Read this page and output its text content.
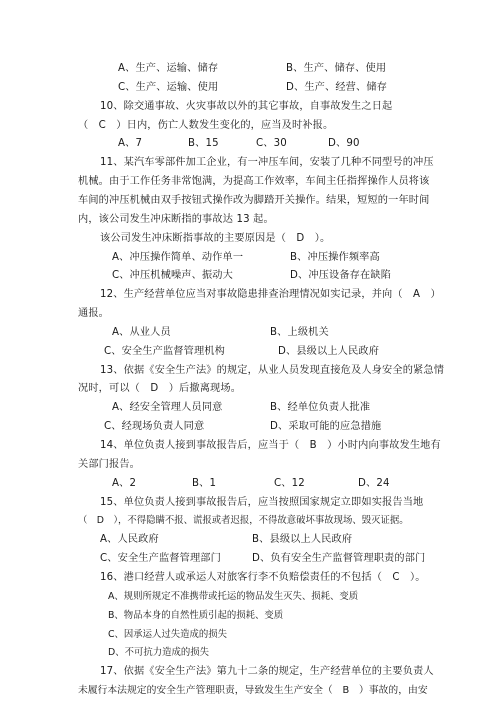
A、生产、运输、储存	B、生产、储存、使用
C、生产、运输、使用	D、生产、经营、储存
10、除交通事故、火灾事故以外的其它事故，自事故发生之日起
（　C　）日内，伤亡人数发生变化的，应当及时补报。
A、7	B、15	C、30	D、90
11、某汽车零部件加工企业，有一冲压车间，安装了几种不同型号的冲压
机械。由于工作任务非常饱满，为提高工作效率，车间主任指挥操作人员将该
车间的冲压机械由双手按钮式操作改为脚踏开关操作。结果，短短的一年时间
内，该公司发生冲床断指的事故达 13 起。
该公司发生冲床断指事故的主要原因是（　D　）。
A、冲压操作简单、动作单一	B、冲压操作频率高
C、冲压机械噪声、振动大	D、冲压设备存在缺陷
12、生产经营单位应当对事故隐患排查治理情况如实记录，并向（　A　）
通报。
A、从业人员	B、上级机关
C、安全生产监督管理机构	D、县级以上人民政府
13、依据《安全生产法》的规定，从业人员发现直接危及人身安全的紧急情
况时，可以（　D　）后撤离现场。
A、经安全管理人员同意	B、经单位负责人批准
C、经现场负责人同意	D、采取可能的应急措施
14、单位负责人接到事故报告后，应当于（　B　）小时内向事故发生地有
关部门报告。
A、2	B、1	C、12	D、24
15、单位负责人接到事故报告后，应当按照国家规定立即如实报告当地
（　D　），不得隐瞒不报、谎报或者迟报，不得故意破坏事故现场、毁灭证据。
A、人民政府	B、县级以上人民政府
C、安全生产监督管理部门	D、负有安全生产监督管理职责的部门
16、港口经营人或承运人对旅客行李不负赔偿责任的不包括（　C　）。
A、规则所规定不准携带或托运的物品发生灭失、损耗、变质
B、物品本身的自然性质引起的损耗、变质
C、因承运人过失造成的损失
D、不可抗力造成的损失
17、依据《安全生产法》第九十二条的规定，生产经营单位的主要负责人
未履行本法规定的安全生产管理职责，导致发生生产安全（　B　）事故的，由安
